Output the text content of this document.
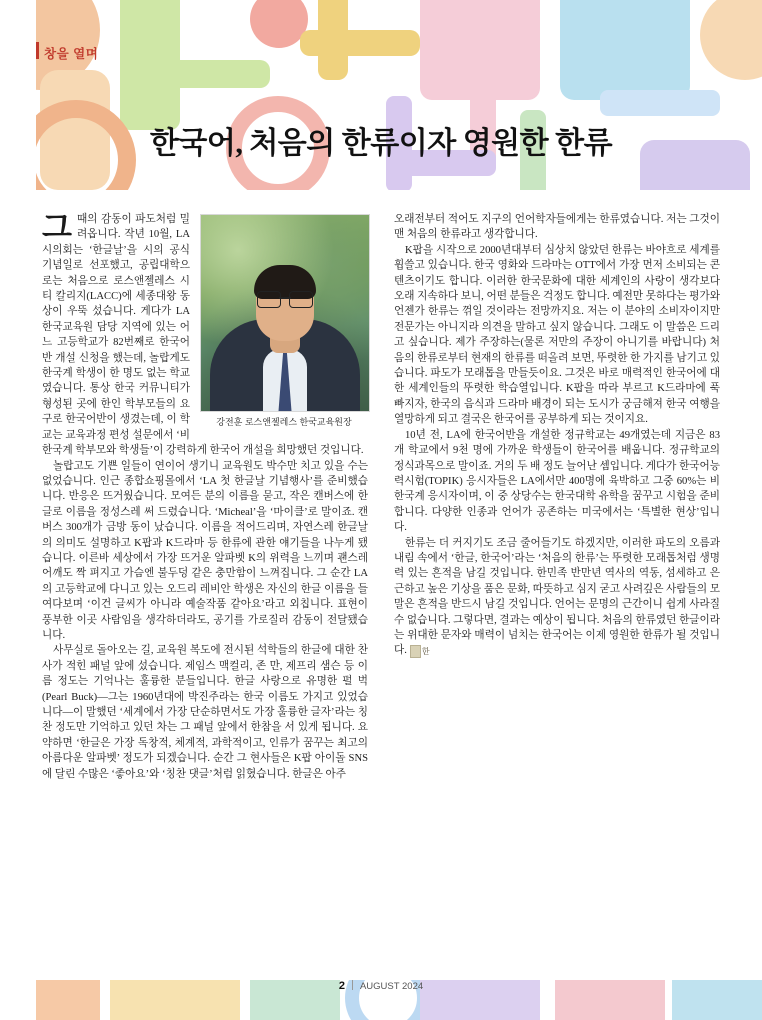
창을 열며
한국어, 처음의 한류이자 영원한 한류
강전훈 로스앤젤레스 한국교육원장

그때의 감동이 파도처럼 밀려옵니다. 작년 10월, LA시의회는 ‘한글날’을 시의 공식 기념일로 선포했고, 공립대학으로는 처음으로 로스앤젤레스 시티 칼리지(LACC)에 세종대왕 동상이 우뚝 섰습니다. 게다가 LA한국교육원 담당 지역에 있는 어느 고등학교가 82번째로 한국어반 개설 신청을 했는데, 놀랍게도 한국계 학생이 한 명도 없는 학교였습니다. 통상 한국 커뮤니티가 형성된 곳에 한인 학부모들의 요구로 한국어반이 생겼는데, 이 학교는 교육과정 편성 설문에서 ‘비한국계 학부모와 학생들’이 강력하게 한국어 개설을 희망했던 것입니다.

놀랍고도 기쁜 일들이 연이어 생기니 교육원도 박수만 치고 있을 수는 없었습니다. 인근 종합쇼핑몰에서 ‘LA 첫 한글날 기념행사’를 준비했습니다. 반응은 뜨거웠습니다. 모여든 분의 이름을 묻고, 작은 캔버스에 한글로 이름을 정성스레 써 드렸습니다. ‘Micheal’을 ‘마이클’로 말이죠. 캔버스 300개가 금방 동이 났습니다. 이름을 적어드리며, 자연스레 한글날의 의미도 설명하고 K팝과 K드라마 등 한류에 관한 얘기들을 나누게 됐습니다. 이른바 세상에서 가장 뜨거운 알파벳 K의 위력을 느끼며 괜스레 어깨도 짝 펴지고 가슴엔 불두덩 같은 충만함이 느껴집니다. 그 순간 LA의 고등학교에 다니고 있는 오드리 레비안 학생은 자신의 한글 이름을 들여다보며 ‘이건 글씨가 아니라 예술작품 같아요’라고 외칩니다. 표현이 풍부한 이곳 사람임을 생각하더라도, 공기를 가로질러 감동이 전달됐습니다.

사무실로 돌아오는 길, 교육원 복도에 전시된 석학들의 한글에 대한 찬사가 적힌 패널 앞에 섰습니다. 제임스 맥컬리, 존 만, 제프리 샘슨 등 이름 정도는 기억나는 훌륭한 분들입니다. 한글 사랑으로 유명한 펄 벅(Pearl Buck)―그는 1960년대에 박진주라는 한국 이름도 가지고 있었습니다―이 말했던 ‘세계에서 가장 단순하면서도 가장 훌륭한 글자’라는 칭찬 정도만 기억하고 있던 차는 그 패널 앞에서 한참을 서 있게 됩니다. 요약하면 ‘한글은 가장 독창적, 체계적, 과학적이고, 인류가 꿈꾸는 최고의 아름다운 알파벳’ 정도가 되겠습니다. 순간 그 현사들은 K팝 아이돌 SNS에 달린 수많은 ‘좋아요’와 ‘칭찬 댓글’처럼 읽혔습니다. 한글은 아주

오래전부터 적어도 지구의 언어학자들에게는 한류였습니다. 저는 그것이 맨 처음의 한류라고 생각합니다.

K팝을 시작으로 2000년대부터 심상치 않았던 한류는 바야흐로 세계를 휩쓸고 있습니다. 한국 영화와 드라마는 OTT에서 가장 먼저 소비되는 콘텐츠이기도 합니다. 이러한 한국문화에 대한 세계인의 사랑이 생각보다 오래 지속하다 보니, 어떤 분들은 걱정도 합니다. 예전만 못하다는 평가와 언젠가 한류는 꺾일 것이라는 전망까지요. 저는 이 분야의 소비자이지만 전문가는 아니지라 의견을 말하고 싶지 않습니다. 그래도 이 말씀은 드리고 싶습니다. 제가 주장하는(물론 저만의 주장이 아니기를 바랍니다) 처음의 한류로부터 현재의 한류를 떠올려 보면, 뚜렷한 한 가지를 남기고 있습니다. 파도가 모래톱을 만들듯이요. 그것은 바로 매력적인 한국어에 대한 세계인들의 뚜렷한 학습열입니다. K팝을 따라 부르고 K드라마에 푹 빠지자, 한국의 음식과 드라마 배경이 되는 도시가 궁금해져 한국 여행을 열망하게 되고 결국은 한국어를 공부하게 되는 것이지요.

10년 전, LA에 한국어반을 개설한 정규학교는 49개였는데 지금은 83개 학교에서 9천 명에 가까운 학생들이 한국어를 배웁니다. 정규학교의 정식과목으로 말이죠. 거의 두 배 정도 늘어난 셈입니다. 게다가 한국어능력시험(TOPIK) 응시자들은 LA에서만 400명에 육박하고 그중 60%는 비한국계 응시자이며, 이 중 상당수는 한국대학 유학을 꿈꾸고 시험을 준비합니다. 다양한 인종과 언어가 공존하는 미국에서는 ‘특별한 현상’입니다.

한류는 더 커지기도 조금 줄어들기도 하겠지만, 이러한 파도의 오름과 내림 속에서 ‘한글, 한국어’라는 ‘처음의 한류’는 뚜렷한 모래톱처럼 생명력 있는 흔적을 남길 것입니다. 한민족 반만년 역사의 역동, 섬세하고 은근하고 높은 기상을 품은 문화, 따뜻하고 심지 굳고 사려깊은 사람들의 모말은 흔적을 반드시 남길 것입니다. 언어는 문명의 근간이니 쉽게 사라질 수 없습니다. 그렇다면, 결과는 예상이 됩니다. 처음의 한류였던 한글이라는 위대한 문자와 매력이 넘치는 한국어는 이제 영원한 한류가 될 것입니다. 한

2 AUGUST 2024
